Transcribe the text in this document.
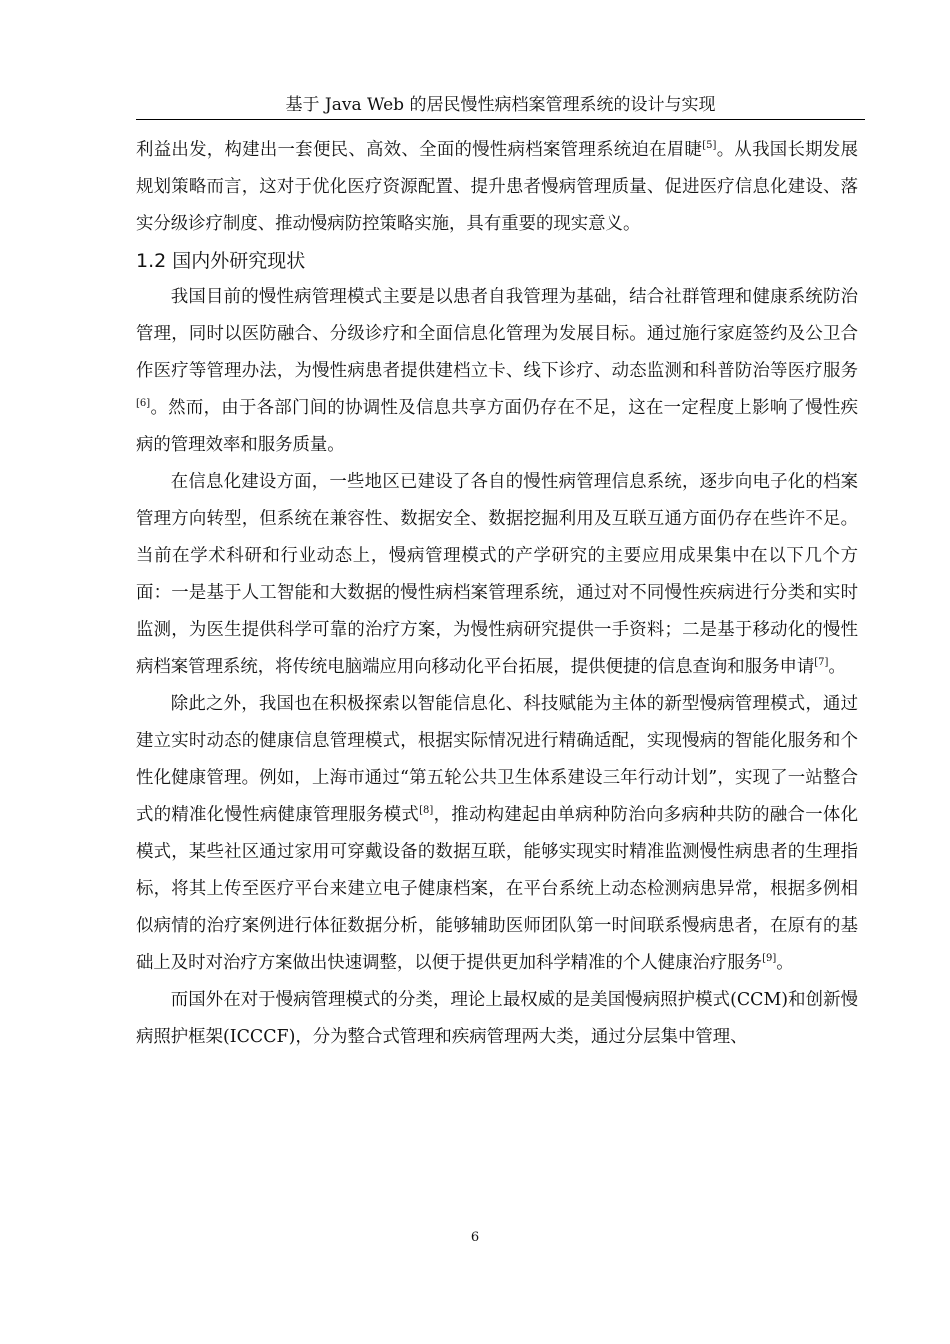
基于 Java Web 的居民慢性病档案管理系统的设计与实现

利益出发，构建出一套便民、高效、全面的慢性病档案管理系统迫在眉睫[5]。从我国长期发展规划策略而言，这对于优化医疗资源配置、提升患者慢病管理质量、促进医疗信息化建设、落实分级诊疗制度、推动慢病防控策略实施，具有重要的现实意义。

1.2 国内外研究现状

我国目前的慢性病管理模式主要是以患者自我管理为基础，结合社群管理和健康系统防治管理，同时以医防融合、分级诊疗和全面信息化管理为发展目标。通过施行家庭签约及公卫合作医疗等管理办法，为慢性病患者提供建档立卡、线下诊疗、动态监测和科普防治等医疗服务[6]。然而，由于各部门间的协调性及信息共享方面仍存在不足，这在一定程度上影响了慢性疾病的管理效率和服务质量。

在信息化建设方面，一些地区已建设了各自的慢性病管理信息系统，逐步向电子化的档案管理方向转型，但系统在兼容性、数据安全、数据挖掘利用及互联互通方面仍存在些许不足。当前在学术科研和行业动态上，慢病管理模式的产学研究的主要应用成果集中在以下几个方面：一是基于人工智能和大数据的慢性病档案管理系统，通过对不同慢性疾病进行分类和实时监测，为医生提供科学可靠的治疗方案，为慢性病研究提供一手资料；二是基于移动化的慢性病档案管理系统，将传统电脑端应用向移动化平台拓展，提供便捷的信息查询和服务申请[7]。

除此之外，我国也在积极探索以智能信息化、科技赋能为主体的新型慢病管理模式，通过建立实时动态的健康信息管理模式，根据实际情况进行精确适配，实现慢病的智能化服务和个性化健康管理。例如，上海市通过“第五轮公共卫生体系建设三年行动计划”，实现了一站整合式的精准化慢性病健康管理服务模式[8]，推动构建起由单病种防治向多病种共防的融合一体化模式，某些社区通过家用可穿戴设备的数据互联，能够实现实时精准监测慢性病患者的生理指标，将其上传至医疗平台来建立电子健康档案，在平台系统上动态检测病患异常，根据多例相似病情的治疗案例进行体征数据分析，能够辅助医师团队第一时间联系慢病患者，在原有的基础上及时对治疗方案做出快速调整，以便于提供更加科学精准的个人健康治疗服务[9]。

而国外在对于慢病管理模式的分类，理论上最权威的是美国慢病照护模式(CCM)和创新慢病照护框架(ICCCF)，分为整合式管理和疾病管理两大类，通过分层集中管理、

6
